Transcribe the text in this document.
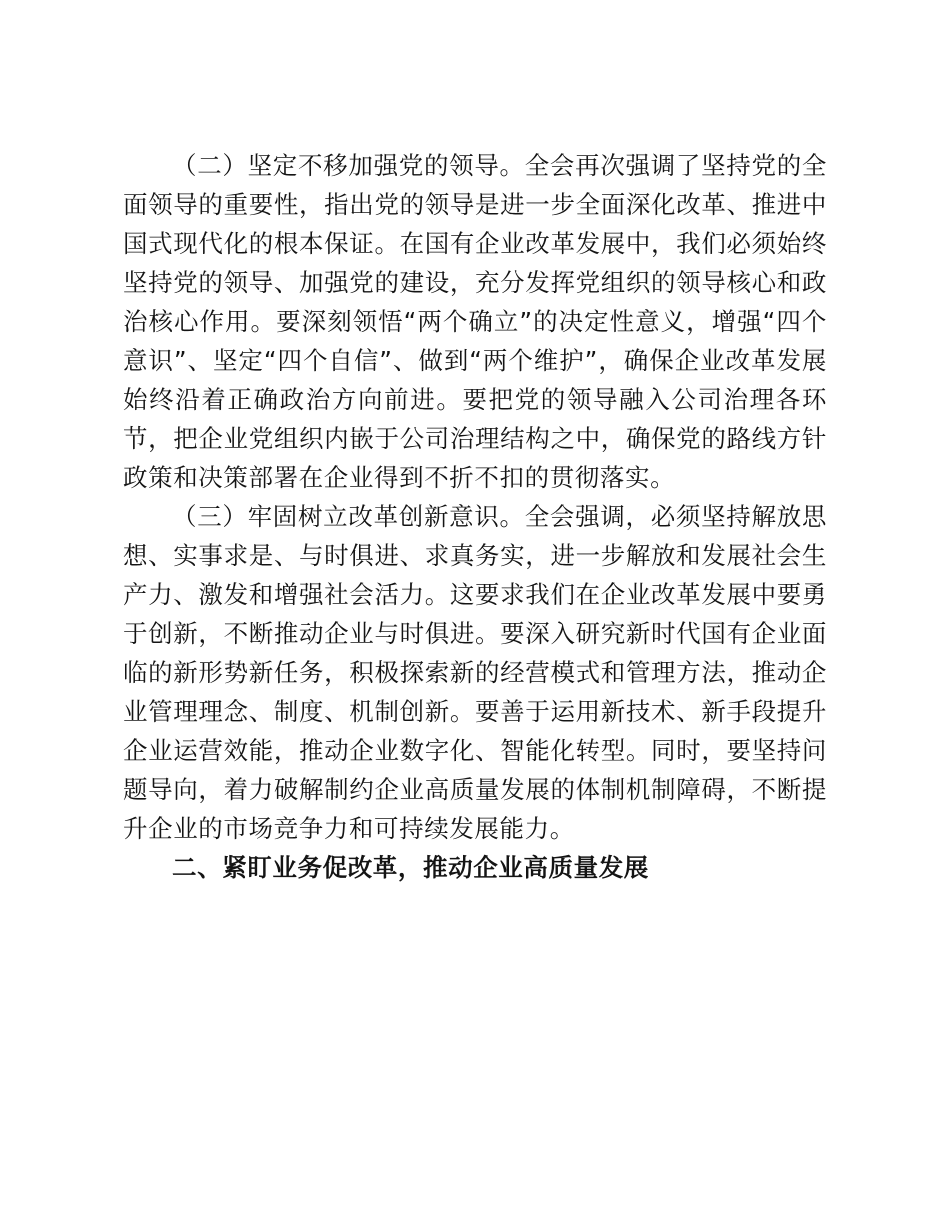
（二）坚定不移加强党的领导。全会再次强调了坚持党的全面领导的重要性，指出党的领导是进一步全面深化改革、推进中国式现代化的根本保证。在国有企业改革发展中，我们必须始终坚持党的领导、加强党的建设，充分发挥党组织的领导核心和政治核心作用。要深刻领悟“两个确立”的决定性意义，增强“四个意识”、坚定“四个自信”、做到“两个维护”，确保企业改革发展始终沿着正确政治方向前进。要把党的领导融入公司治理各环节，把企业党组织内嵌于公司治理结构之中，确保党的路线方针政策和决策部署在企业得到不折不扣的贯彻落实。

（三）牢固树立改革创新意识。全会强调，必须坚持解放思想、实事求是、与时俱进、求真务实，进一步解放和发展社会生产力、激发和增强社会活力。这要求我们在企业改革发展中要勇于创新，不断推动企业与时俱进。要深入研究新时代国有企业面临的新形势新任务，积极探索新的经营模式和管理方法，推动企业管理理念、制度、机制创新。要善于运用新技术、新手段提升企业运营效能，推动企业数字化、智能化转型。同时，要坚持问题导向，着力破解制约企业高质量发展的体制机制障碍，不断提升企业的市场竞争力和可持续发展能力。

二、紧盯业务促改革，推动企业高质量发展
